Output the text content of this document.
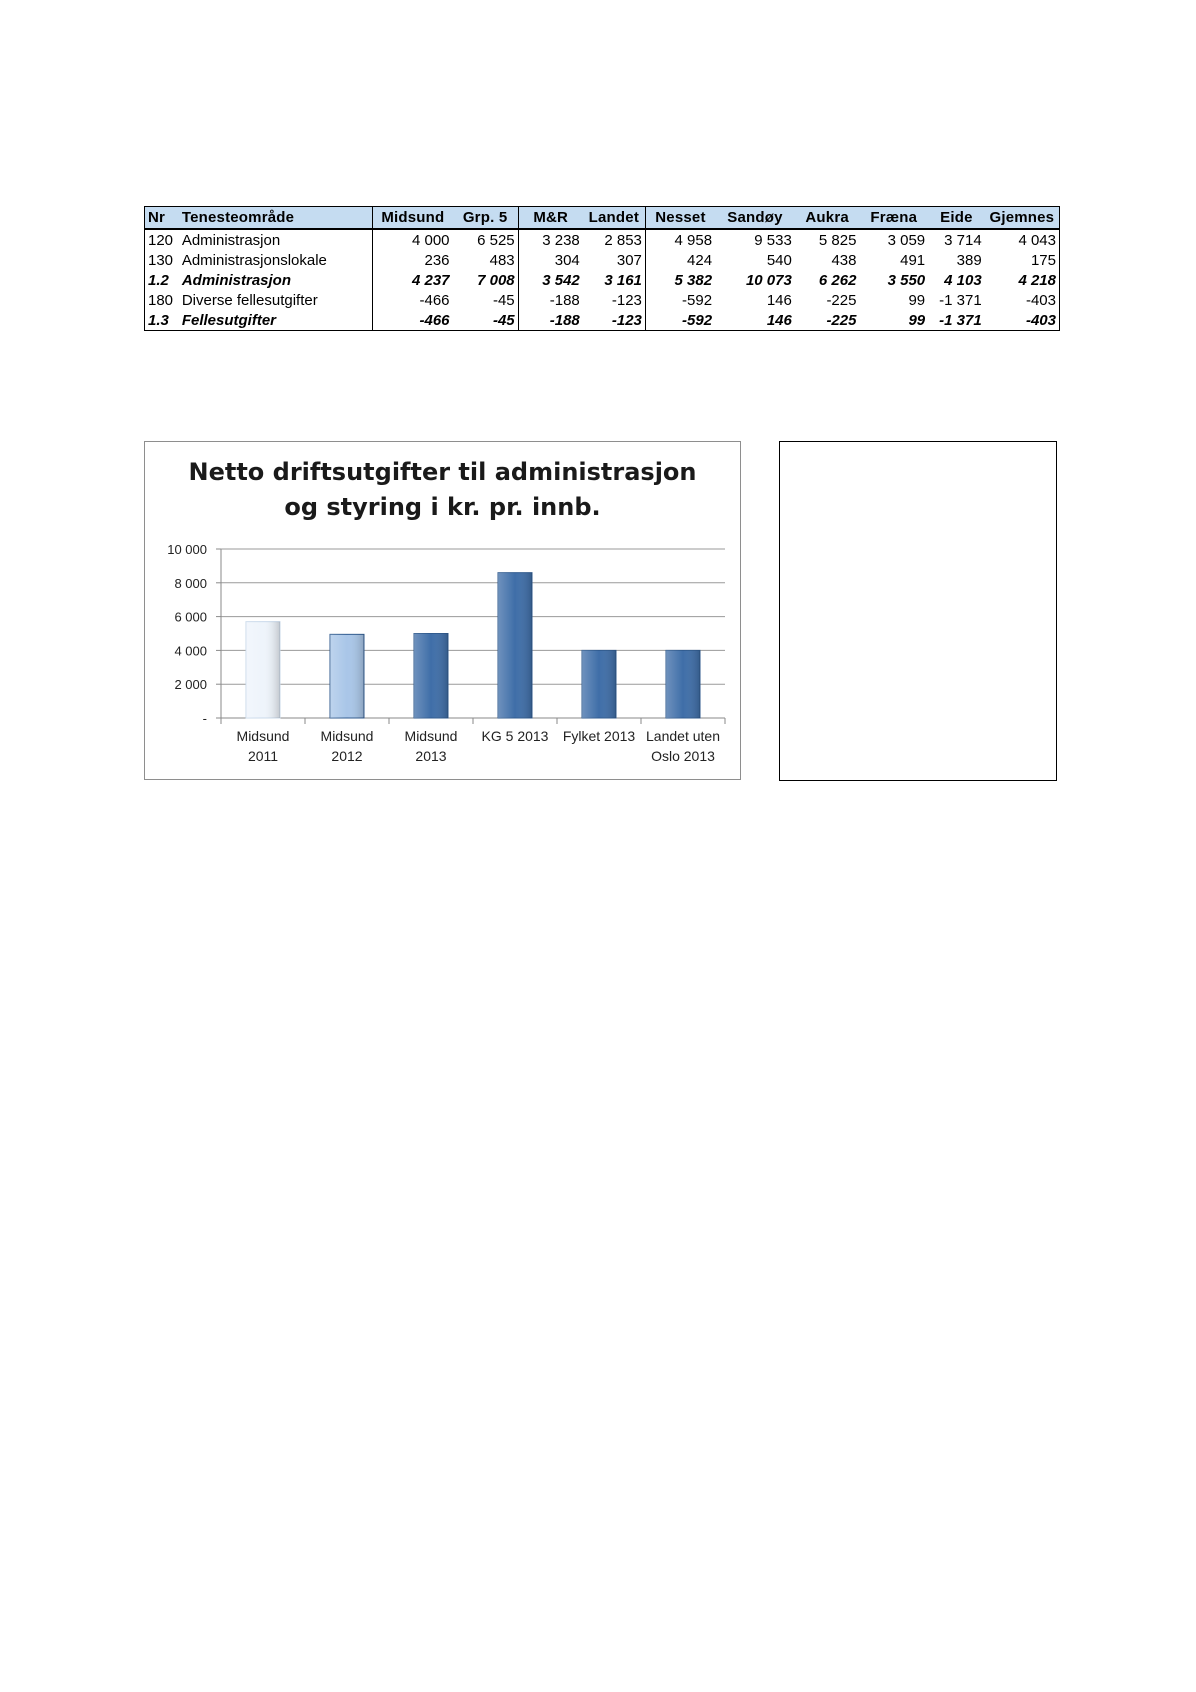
Nr	Tenesteområde	Midsund	Grp. 5	M&R	Landet	Nesset	Sandøy	Aukra	Fræna	Eide	Gjemnes
120	Administrasjon	4 000	6 525	3 238	2 853	4 958	9 533	5 825	3 059	3 714	4 043
130	Administrasjonslokale	236	483	304	307	424	540	438	491	389	175
1.2	Administrasjon	4 237	7 008	3 542	3 161	5 382	10 073	6 262	3 550	4 103	4 218
180	Diverse fellesutgifter	-466	-45	-188	-123	-592	146	-225	99	-1 371	-403
1.3	Fellesutgifter	-466	-45	-188	-123	-592	146	-225	99	-1 371	-403
Netto driftsutgifter til administrasjon
og styring i kr. pr. innb.
-
2 000
4 000
6 000
8 000
10 000
Midsund
2011
Midsund
2012
Midsund
2013
KG 5 2013 Fylket 2013 Landet uten
Oslo 2013
